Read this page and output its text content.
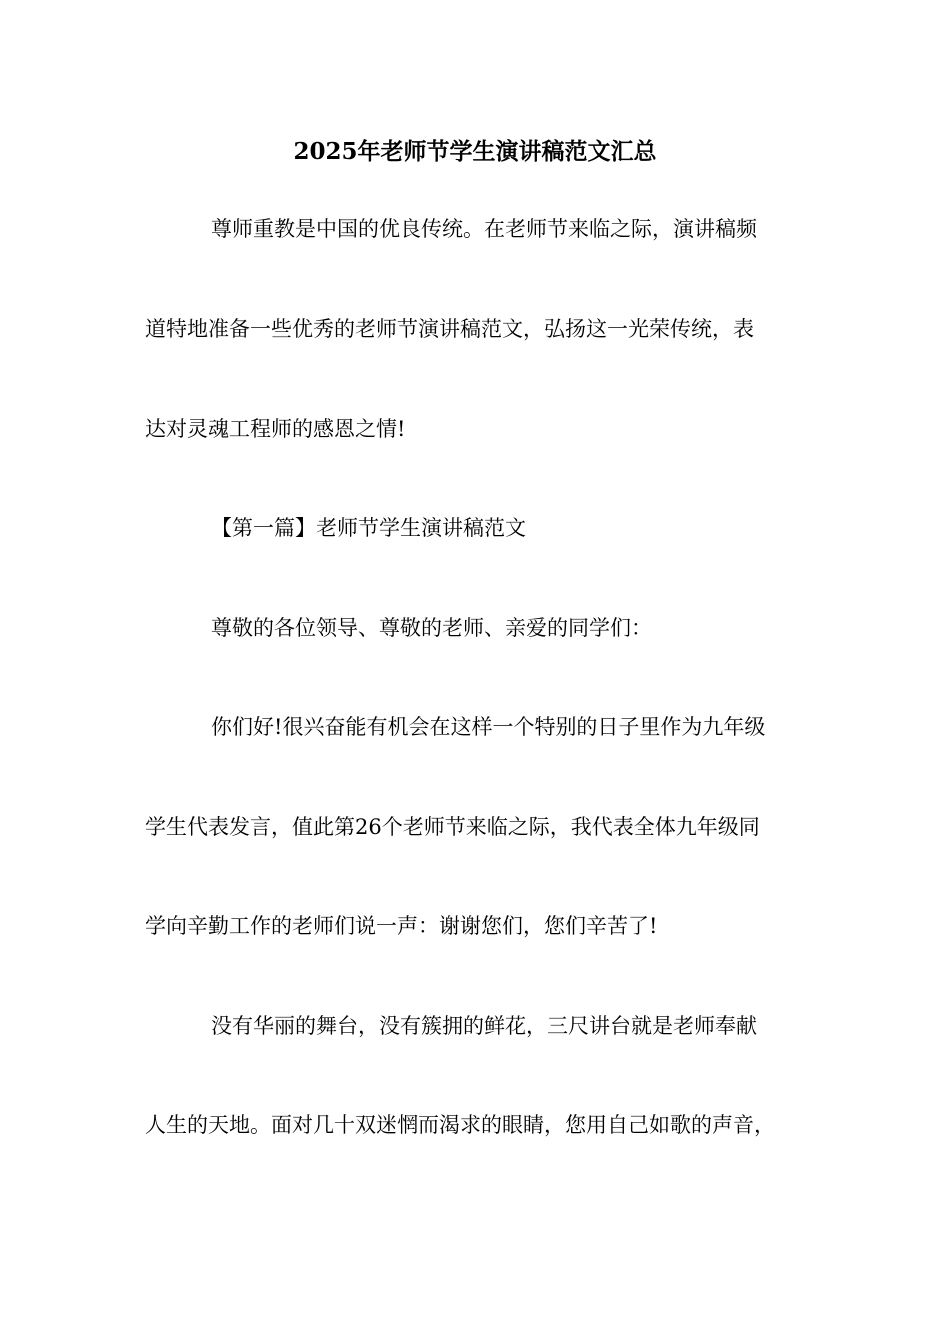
2025年老师节学生演讲稿范文汇总
尊师重教是中国的优良传统。在老师节来临之际，演讲稿频
道特地准备一些优秀的老师节演讲稿范文，弘扬这一光荣传统，表
达对灵魂工程师的感恩之情!
【第一篇】老师节学生演讲稿范文
尊敬的各位领导、尊敬的老师、亲爱的同学们：
你们好!很兴奋能有机会在这样一个特别的日子里作为九年级
学生代表发言，值此第26个老师节来临之际，我代表全体九年级同
学向辛勤工作的老师们说一声：谢谢您们，您们辛苦了!
没有华丽的舞台，没有簇拥的鲜花，三尺讲台就是老师奉献
人生的天地。面对几十双迷惘而渴求的眼睛，您用自己如歌的声音，
